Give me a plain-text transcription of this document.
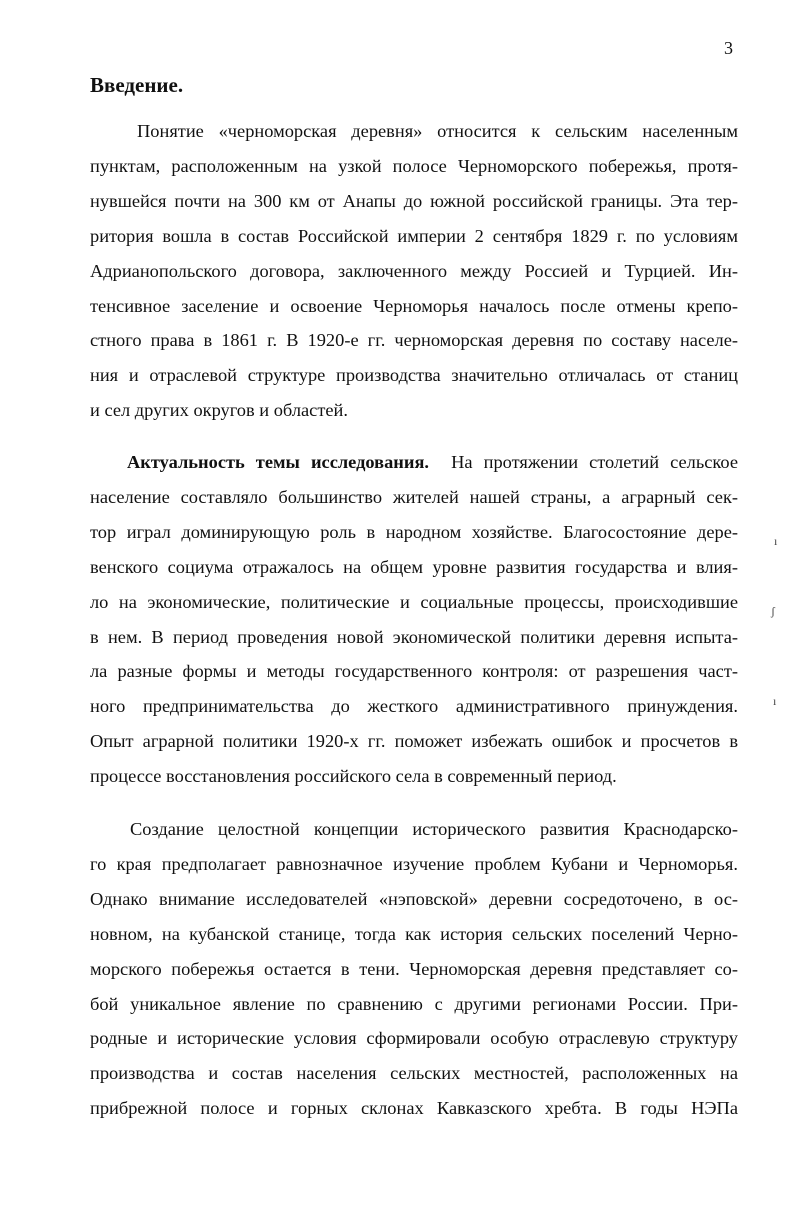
3
Введение.
Понятие «черноморская деревня» относится к сельским населенным
пунктам, расположенным на узкой полосе Черноморского побережья, протя-
нувшейся почти на 300 км от Анапы до южной российской границы. Эта тер-
ритория вошла в состав Российской империи 2 сентября 1829 г. по условиям
Адрианопольского договора, заключенного между Россией и Турцией. Ин-
тенсивное заселение и освоение Черноморья началось после отмены крепо-
стного права в 1861 г. В 1920-е гг. черноморская деревня по составу населе-
ния и отраслевой структуре производства значительно отличалась от станиц
и сел других округов и областей.
Актуальность темы исследования. На протяжении столетий сельское
население составляло большинство жителей нашей страны, а аграрный сек-
тор играл доминирующую роль в народном хозяйстве. Благосостояние дере-
венского социума отражалось на общем уровне развития государства и влия-
ло на экономические, политические и социальные процессы, происходившие
в нем. В период проведения новой экономической политики деревня испыта-
ла разные формы и методы государственного контроля: от разрешения част-
ного предпринимательства до жесткого административного принуждения.
Опыт аграрной политики 1920-х гг. поможет избежать ошибок и просчетов в
процессе восстановления российского села в современный период.
Создание целостной концепции исторического развития Краснодарско-
го края предполагает равнозначное изучение проблем Кубани и Черноморья.
Однако внимание исследователей «нэповской» деревни сосредоточено, в ос-
новном, на кубанской станице, тогда как история сельских поселений Черно-
морского побережья остается в тени. Черноморская деревня представляет со-
бой уникальное явление по сравнению с другими регионами России. При-
родные и исторические условия сформировали особую отраслевую структуру
производства и состав населения сельских местностей, расположенных на
прибрежной полосе и горных склонах Кавказского хребта. В годы НЭПа
ı
ʃ
ı
